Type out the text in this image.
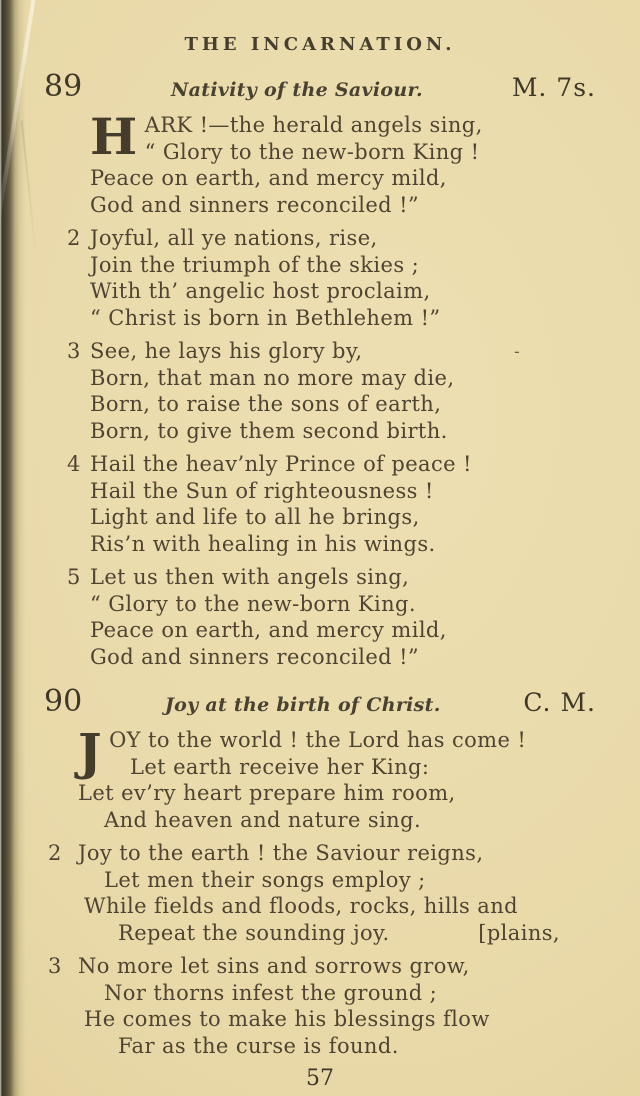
THE INCARNATION.
89	Nativity of the Saviour.	M. 7s.
H ARK !—the herald angels sing,
“ Glory to the new-born King !
Peace on earth, and mercy mild,
God and sinners reconciled !”
2 Joyful, all ye nations, rise,
Join the triumph of the skies ;
With th’ angelic host proclaim,
“ Christ is born in Bethlehem !”
3 See, he lays his glory by,
Born, that man no more may die,
Born, to raise the sons of earth,
Born, to give them second birth.
4 Hail the heav’nly Prince of peace !
Hail the Sun of righteousness !
Light and life to all he brings,
Ris’n with healing in his wings.
5 Let us then with angels sing,
“ Glory to the new-born King.
Peace on earth, and mercy mild,
God and sinners reconciled !”
90	Joy at the birth of Christ.	C. M.
J OY to the world ! the Lord has come !
Let earth receive her King:
Let ev’ry heart prepare him room,
And heaven and nature sing.
2 Joy to the earth ! the Saviour reigns,
Let men their songs employ ;
While fields and floods, rocks, hills and
Repeat the sounding joy.	[plains,
3 No more let sins and sorrows grow,
Nor thorns infest the ground ;
He comes to make his blessings flow
Far as the curse is found.
57
-
